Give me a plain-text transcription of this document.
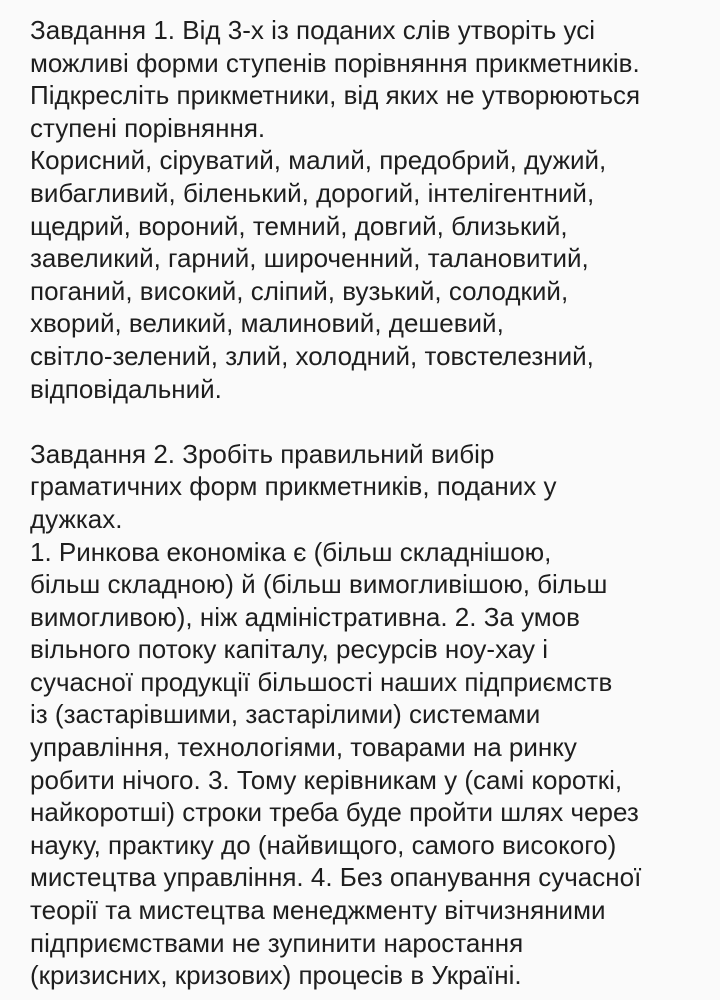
Завдання 1. Від 3-х із поданих слів утворіть усі
можливі форми ступенів порівняння прикметників.
Підкресліть прикметники, від яких не утворюються
ступені порівняння.
Корисний, сіруватий, малий, предобрий, дужий,
вибагливий, біленький, дорогий, інтелігентний,
щедрий, вороний, темний, довгий, близький,
завеликий, гарний, широченний, талановитий,
поганий, високий, сліпий, вузький, солодкий,
хворий, великий, малиновий, дешевий,
світло-зелений, злий, холодний, товстелезний,
відповідальний.
Завдання 2. Зробіть правильний вибір
граматичних форм прикметників, поданих у
дужках.
1. Ринкова економіка є (більш складнішою,
більш складною) й (більш вимогливішою, більш
вимогливою), ніж адміністративна. 2. За умов
вільного потоку капіталу, ресурсів ноу-хау і
сучасної продукції більшості наших підприємств
із (застарівшими, застарілими) системами
управління, технологіями, товарами на ринку
робити нічого. 3. Тому керівникам у (самі короткі,
найкоротші) строки треба буде пройти шлях через
науку, практику до (найвищого, самого високого)
мистецтва управління. 4. Без опанування сучасної
теорії та мистецтва менеджменту вітчизняними
підприємствами не зупинити наростання
(кризисних, кризових) процесів в Україні.
